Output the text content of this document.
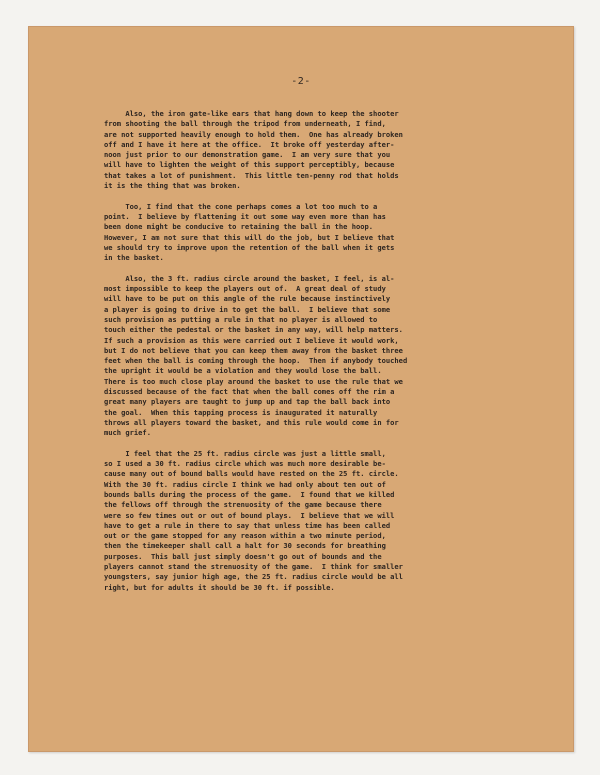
-2-
Also, the iron gate-like ears that hang down to keep the shooter
from shooting the ball through the tripod from underneath, I find,
are not supported heavily enough to hold them.  One has already broken
off and I have it here at the office.  It broke off yesterday after-
noon just prior to our demonstration game.  I am very sure that you
will have to lighten the weight of this support perceptibly, because
that takes a lot of punishment.  This little ten-penny rod that holds
it is the thing that was broken.
Too, I find that the cone perhaps comes a lot too much to a
point.  I believe by flattening it out some way even more than has
been done might be conducive to retaining the ball in the hoop.
However, I am not sure that this will do the job, but I believe that
we should try to improve upon the retention of the ball when it gets
in the basket.
Also, the 3 ft. radius circle around the basket, I feel, is al-
most impossible to keep the players out of.  A great deal of study
will have to be put on this angle of the rule because instinctively
a player is going to drive in to get the ball.  I believe that some
such provision as putting a rule in that no player is allowed to
touch either the pedestal or the basket in any way, will help matters.
If such a provision as this were carried out I believe it would work,
but I do not believe that you can keep them away from the basket three
feet when the ball is coming through the hoop.  Then if anybody touched
the upright it would be a violation and they would lose the ball.
There is too much close play around the basket to use the rule that we
discussed because of the fact that when the ball comes off the rim a
great many players are taught to jump up and tap the ball back into
the goal.  When this tapping process is inaugurated it naturally
throws all players toward the basket, and this rule would come in for
much grief.
I feel that the 25 ft. radius circle was just a little small,
so I used a 30 ft. radius circle which was much more desirable be-
cause many out of bound balls would have rested on the 25 ft. circle.
With the 30 ft. radius circle I think we had only about ten out of
bounds balls during the process of the game.  I found that we killed
the fellows off through the strenuosity of the game because there
were so few times out or out of bound plays.  I believe that we will
have to get a rule in there to say that unless time has been called
out or the game stopped for any reason within a two minute period,
then the timekeeper shall call a halt for 30 seconds for breathing
purposes.  This ball just simply doesn't go out of bounds and the
players cannot stand the strenuosity of the game.  I think for smaller
youngsters, say junior high age, the 25 ft. radius circle would be all
right, but for adults it should be 30 ft. if possible.
